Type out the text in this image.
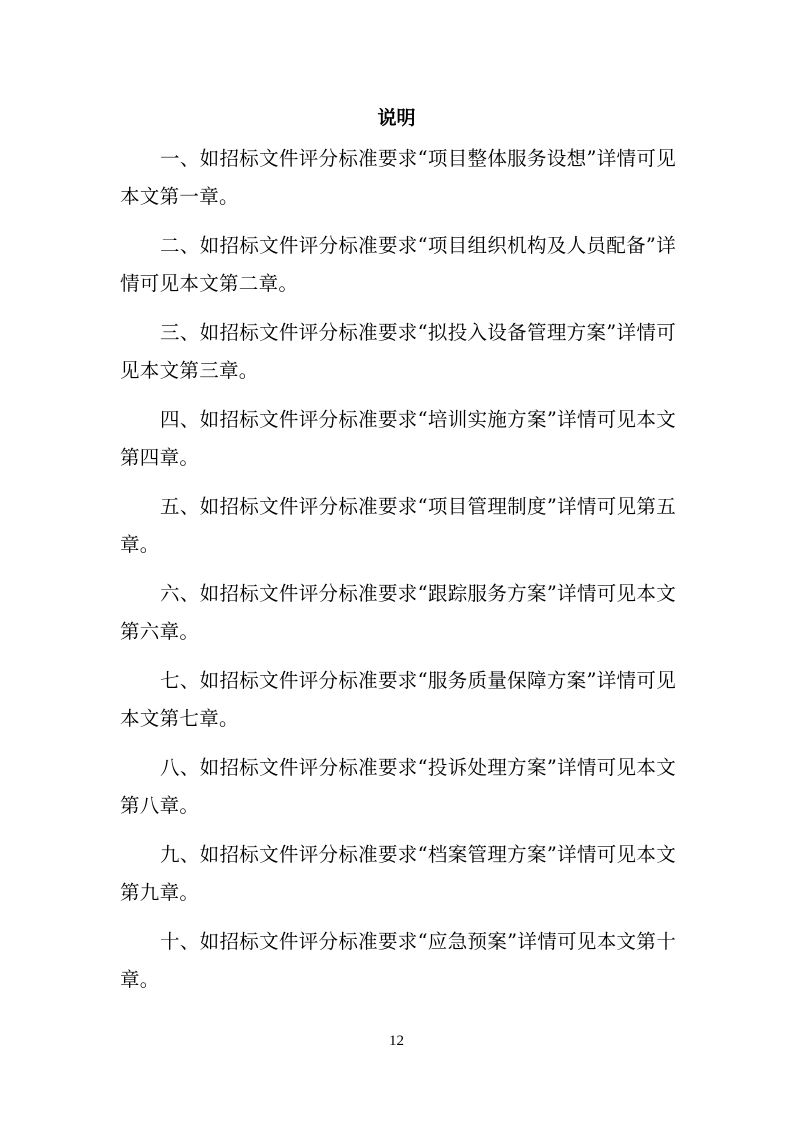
说明
一、如招标文件评分标准要求“项目整体服务设想”详情可见本文第一章。
二、如招标文件评分标准要求“项目组织机构及人员配备”详情可见本文第二章。
三、如招标文件评分标准要求“拟投入设备管理方案”详情可见本文第三章。
四、如招标文件评分标准要求“培训实施方案”详情可见本文第四章。
五、如招标文件评分标准要求“项目管理制度”详情可见第五章。
六、如招标文件评分标准要求“跟踪服务方案”详情可见本文第六章。
七、如招标文件评分标准要求“服务质量保障方案”详情可见本文第七章。
八、如招标文件评分标准要求“投诉处理方案”详情可见本文第八章。
九、如招标文件评分标准要求“档案管理方案”详情可见本文第九章。
十、如招标文件评分标准要求“应急预案”详情可见本文第十章。
12
